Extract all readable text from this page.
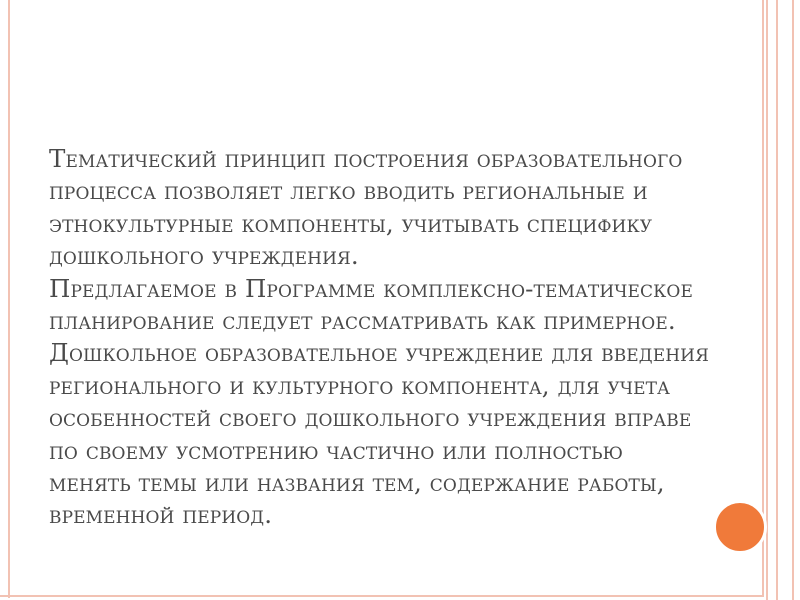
Тематический принцип построения образовательного процесса позволяет легко вводить региональные и этнокультурные компоненты, учитывать специфику дошкольного учреждения.

Предлагаемое в Программе комплексно-тематическое планирование следует рассматривать как примерное.

Дошкольное образовательное учреждение для введения регионального и культурного компонента, для учета особенностей своего дошкольного учреждения вправе по своему усмотрению частично или полностью менять темы или названия тем, содержание работы, временной период.
